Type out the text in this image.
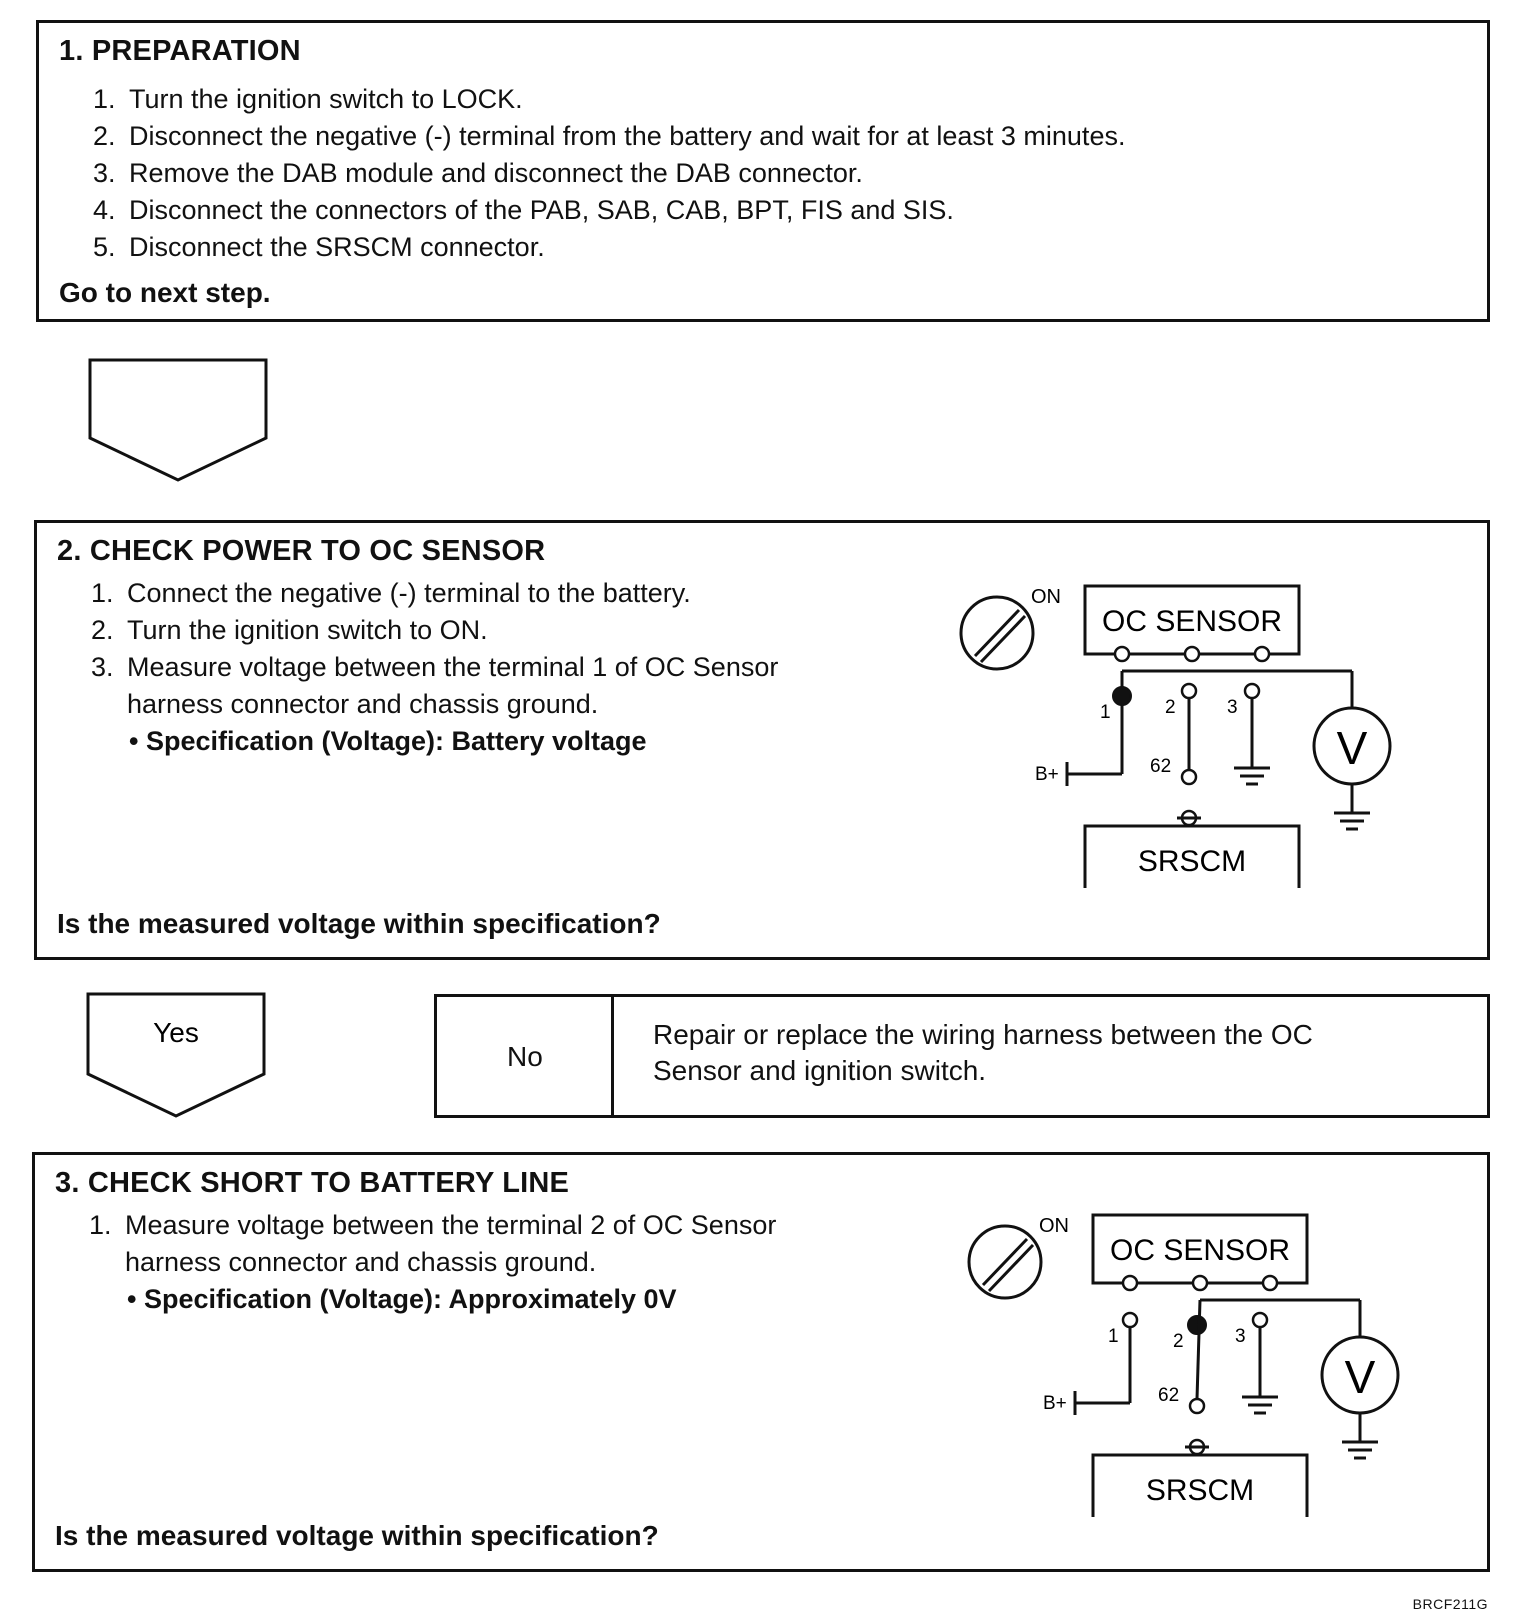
1. PREPARATION
1. Turn the ignition switch to LOCK.
2. Disconnect the negative (-) terminal from the battery and wait for at least 3 minutes.
3. Remove the DAB module and disconnect the DAB connector.
4. Disconnect the connectors of the PAB, SAB, CAB, BPT, FIS and SIS.
5. Disconnect the SRSCM connector.
Go to next step.
2. CHECK POWER TO OC SENSOR
1. Connect the negative (-) terminal to the battery.
2. Turn the ignition switch to ON.
3. Measure voltage between the terminal 1 of OC Sensor harness connector and chassis ground.
• Specification (Voltage): Battery voltage
Is the measured voltage within specification?
ON
OC SENSOR
1
B+
2
62
3
V
SRSCM
Yes
No
Repair or replace the wiring harness between the OC Sensor and ignition switch.
3. CHECK SHORT TO BATTERY LINE
1. Measure voltage between the terminal 2 of OC Sensor harness connector and chassis ground.
• Specification (Voltage): Approximately 0V
Is the measured voltage within specification?
ON
OC SENSOR
1
B+
2
62
3
V
SRSCM
BRCF211G
